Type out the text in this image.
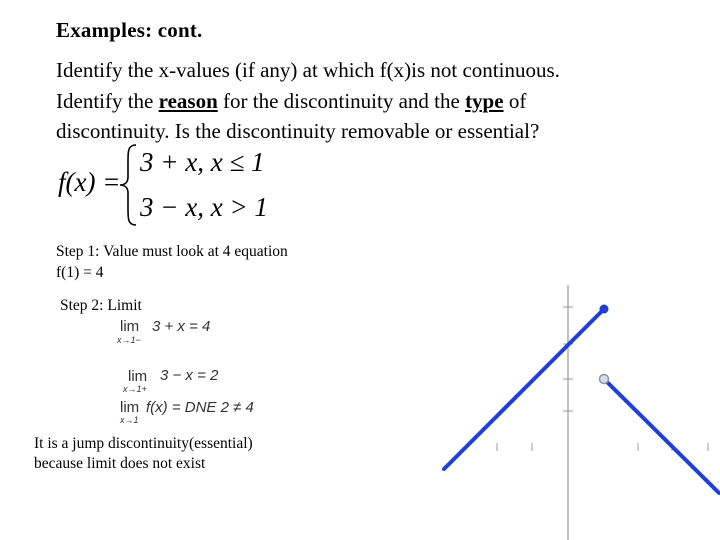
Examples: cont.
Identify the x-values (if any) at which f(x)is not continuous.
Identify the reason for the discontinuity and the type of
discontinuity. Is the discontinuity removable or essential?
f(x) =
3 + x, x ≤ 1
3 − x, x > 1
Step 1: Value must look at 4 equation
f(1) = 4
Step 2: Limit
lim
x→1−
3 + x = 4
lim
x→1+
3 − x = 2
lim
x→1
f(x) = DNE 2 ≠ 4
It is a jump discontinuity(essential)
because limit does not exist
